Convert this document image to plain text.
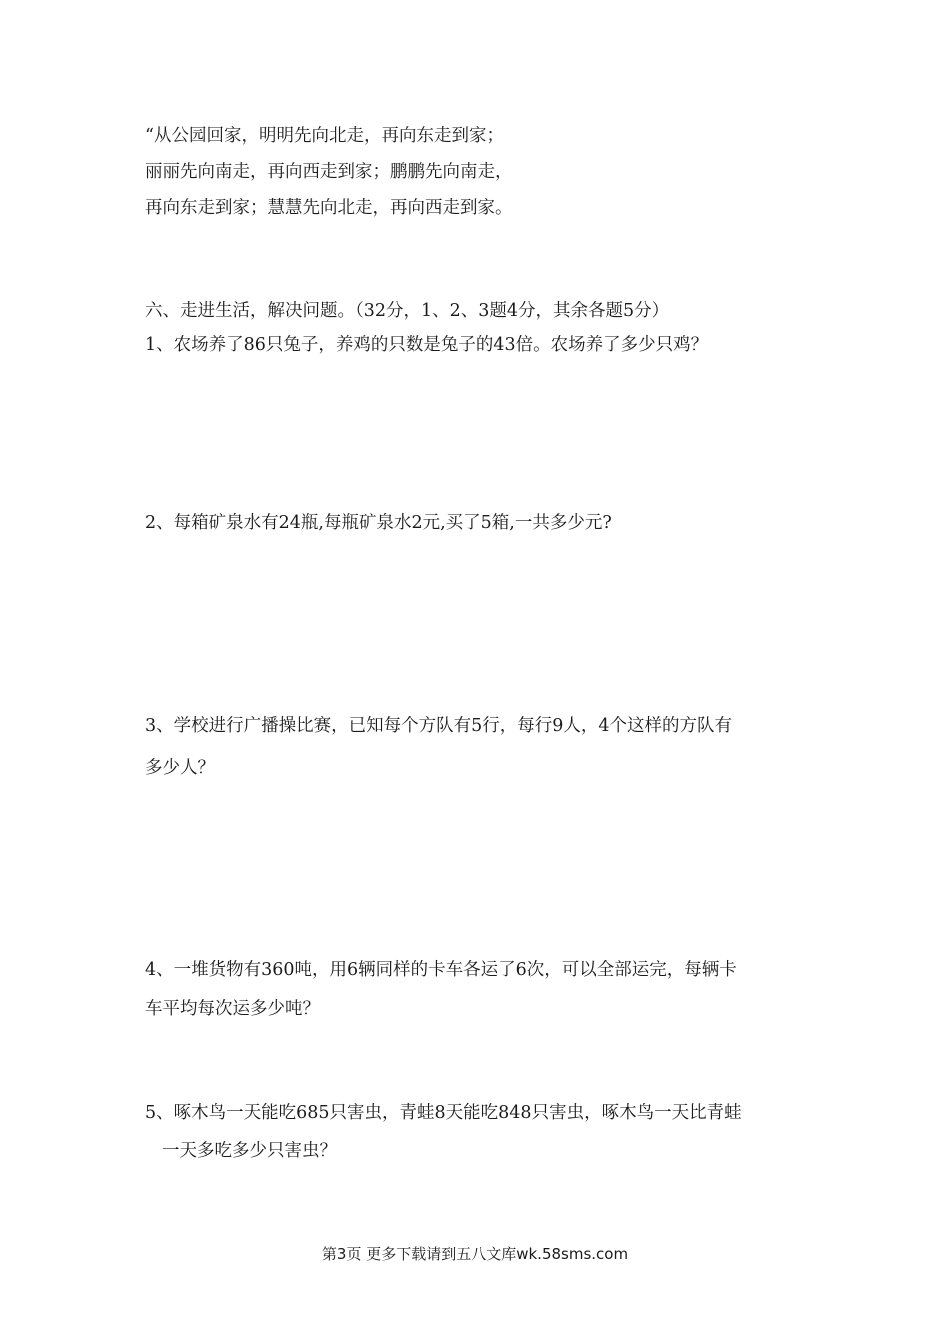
“从公园回家，明明先向北走，再向东走到家；
丽丽先向南走，再向西走到家；鹏鹏先向南走，
再向东走到家；慧慧先向北走，再向西走到家。
六、走进生活，解决问题。（32分，1、2、3题4分，其余各题5分）
1、农场养了86只兔子，养鸡的只数是兔子的43倍。农场养了多少只鸡？
2、每箱矿泉水有24瓶,每瓶矿泉水2元,买了5箱,一共多少元?
3、学校进行广播操比赛，已知每个方队有5行，每行9人，4个这样的方队有
多少人？
4、一堆货物有360吨，用6辆同样的卡车各运了6次，可以全部运完，每辆卡
车平均每次运多少吨？
5、啄木鸟一天能吃685只害虫，青蛙8天能吃848只害虫，啄木鸟一天比青蛙
一天多吃多少只害虫？
第3页 更多下载请到五八文库wk.58sms.com
